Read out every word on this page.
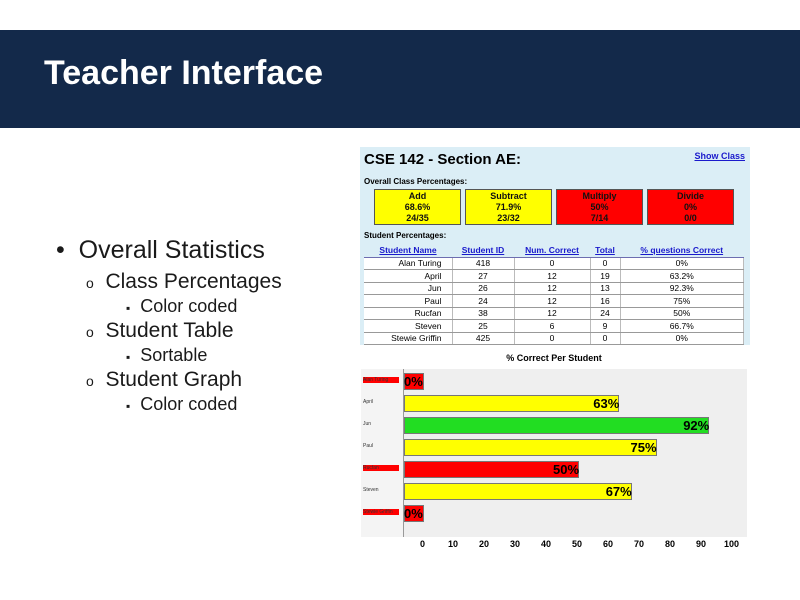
Teacher Interface
• Overall Statistics
o Class Percentages
▪ Color coded
o Student Table
▪ Sortable
o Student Graph
▪ Color coded
CSE 142 - Section AE:	Show Class
Overall Class Percentages:
Add
68.6%
24/35
Subtract
71.9%
23/32
Multiply
50%
7/14
Divide
0%
0/0
Student Percentages:
Student Name	Student ID	Num. Correct	Total	% questions Correct
Alan Turing	418	0	0	0%
April	27	12	19	63.2%
Jun	26	12	13	92.3%
Paul	24	12	16	75%
Rucfan	38	12	24	50%
Steven	25	6	9	66.7%
Stewie Griffin	425	0	0	0%
% Correct Per Student
Alan Turing
April
Jun
Paul
Rucfan
Steven
Stewie Griffin
0%
63%
92%
75%
50%
67%
0%
0	10 20 30 40 50 60 70 80 90 100
